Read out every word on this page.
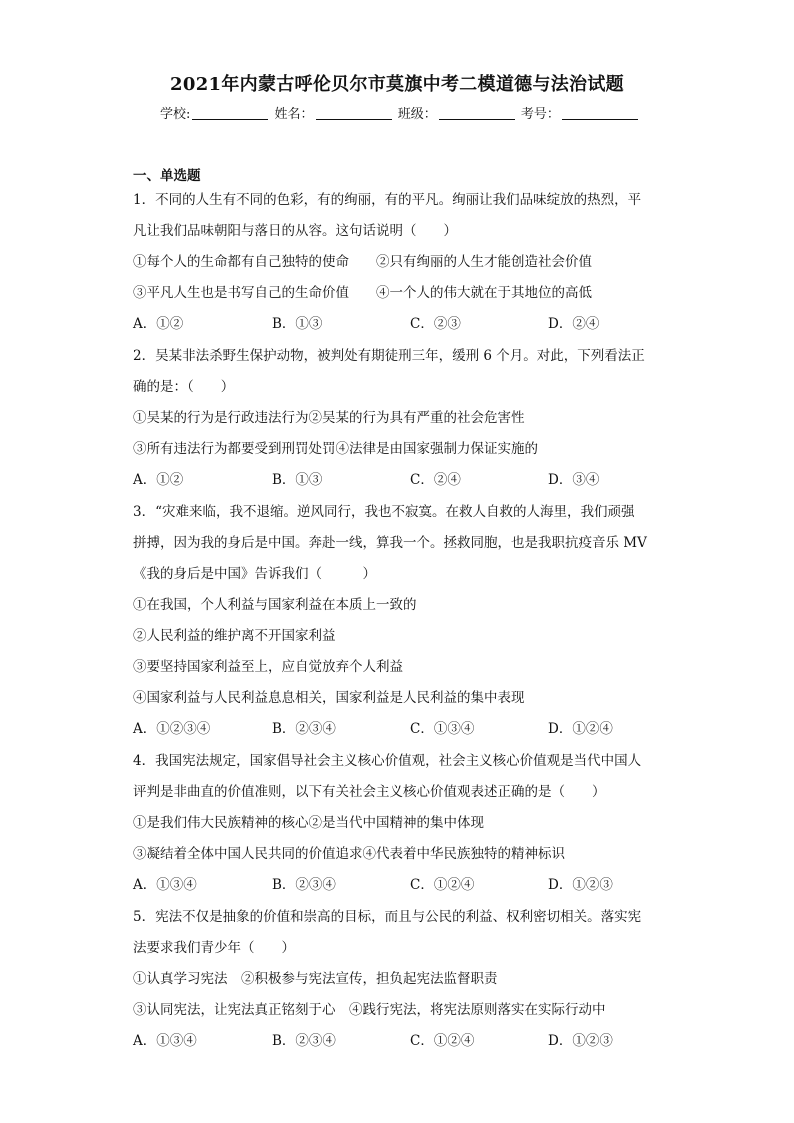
2021年内蒙古呼伦贝尔市莫旗中考二模道德与法治试题
学校:	姓名：	班级：	考号：
一、单选题
1．不同的人生有不同的色彩，有的绚丽，有的平凡。绚丽让我们品味绽放的热烈，平
凡让我们品味朝阳与落日的从容。这句话说明（　　）
①每个人的生命都有自己独特的使命　　②只有绚丽的人生才能创造社会价值
③平凡人生也是书写自己的生命价值　　④一个人的伟大就在于其地位的高低
A．①②	B．①③	C．②③	D．②④
2．吴某非法杀野生保护动物，被判处有期徒刑三年，缓刑 6 个月。对此，下列看法正
确的是：（　　）
①吴某的行为是行政违法行为②吴某的行为具有严重的社会危害性
③所有违法行为都要受到刑罚处罚④法律是由国家强制力保证实施的
A．①②	B．①③	C．②④	D．③④
3．“灾难来临，我不退缩。逆风同行，我也不寂寞。在救人自救的人海里，我们顽强
拼搏，因为我的身后是中国。奔赴一线，算我一个。拯救同胞，也是我职抗疫音乐 MV
《我的身后是中国》告诉我们（　　　）
①在我国，个人利益与国家利益在本质上一致的
②人民利益的维护离不开国家利益
③要坚持国家利益至上，应自觉放弃个人利益
④国家利益与人民利益息息相关，国家利益是人民利益的集中表现
A．①②③④	B．②③④	C．①③④	D．①②④
4．我国宪法规定，国家倡导社会主义核心价值观，社会主义核心价值观是当代中国人
评判是非曲直的价值准则，以下有关社会主义核心价值观表述正确的是（　　）
①是我们伟大民族精神的核心②是当代中国精神的集中体现
③凝结着全体中国人民共同的价值追求④代表着中华民族独特的精神标识
A．①③④	B．②③④	C．①②④	D．①②③
5．宪法不仅是抽象的价值和崇高的目标，而且与公民的利益、权利密切相关。落实宪
法要求我们青少年（　　）
①认真学习宪法　②积极参与宪法宣传，担负起宪法监督职责
③认同宪法，让宪法真正铭刻于心　④践行宪法，将宪法原则落实在实际行动中
A．①③④	B．②③④	C．①②④	D．①②③
